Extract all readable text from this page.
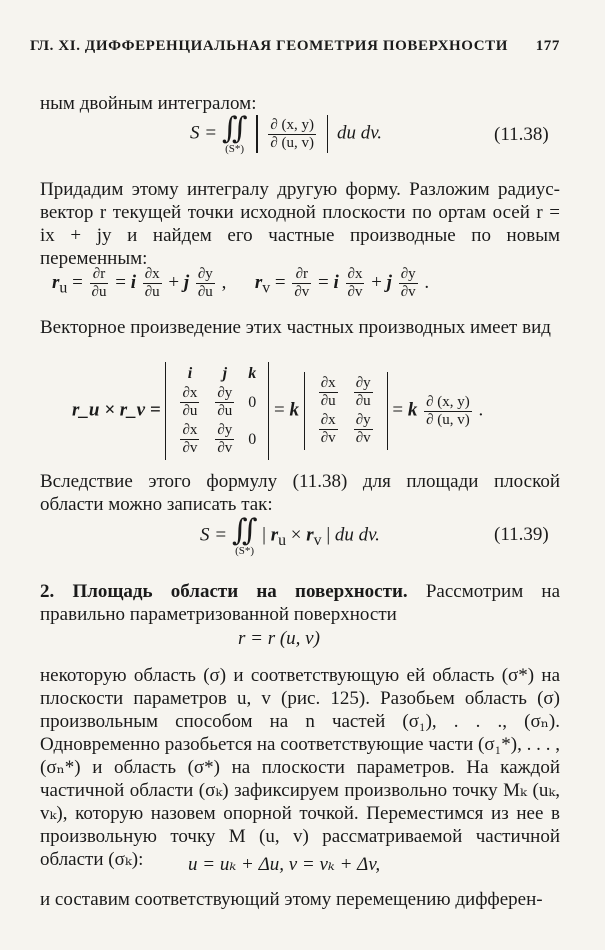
ГЛ. XI. ДИФФЕРЕНЦИАЛЬНАЯ ГЕОМЕТРИЯ ПОВЕРХНОСТИ 177

ным двойным интегралом:

S = ∬
(S*)
$\frac{\partial (x, y)}{\partial (u, v)}$ du dv.	(11.38)

Придадим этому интегралу другую форму. Разложим радиус-вектор r текущей точки исходной плоскости по ортам осей r = ix + jy и найдем его частные производные по новым переменным:

$r_u = \frac{\partial r}{\partial u} = i \frac{\partial x}{\partial u} + j \frac{\partial y}{\partial u}$ ,      $r_v = \frac{\partial r}{\partial v} = i \frac{\partial x}{\partial v} + j \frac{\partial y}{\partial v}$ .

Векторное произведение этих частных производных имеет вид

r_u × r_v =
i	j	k

$\frac{\partial x}{\partial u}$	$\frac{\partial y}{\partial u}$	0

$\frac{\partial x}{\partial v}$	$\frac{\partial y}{\partial v}$	0
= k $\frac{\partial x}{\partial u}$	$\frac{\partial y}{\partial u}$

$\frac{\partial x}{\partial v}$	$\frac{\partial y}{\partial v}$
= k $\frac{\partial (x, y)}{\partial (u, v)}$ .

Вследствие этого формулу (11.38) для площади плоской области можно записать так:

S = ∬
(S*)
| $r_u \times r_v$ | du dv.	(11.39)

2. Площадь области на поверхности. Рассмотрим на правильно параметризованной поверхности

r = r (u, v)

некоторую область (σ) и соответствующую ей область (σ*) на плоскости параметров u, v (рис. 125). Разобьем область (σ) произвольным способом на n частей (σ₁), . . ., (σₙ). Одновременно разобьется на соответствующие части (σ₁*), . . . , (σₙ*) и область (σ*) на плоскости параметров. На каждой частичной области (σₖ) зафиксируем произвольно точку Mₖ (uₖ, vₖ), которую назовем опорной точкой. Переместимся из нее в произвольную точку M (u, v) рассматриваемой частичной области (σₖ):	u = uₖ + Δu, v = vₖ + Δv,

и составим соответствующий этому перемещению дифферен-
